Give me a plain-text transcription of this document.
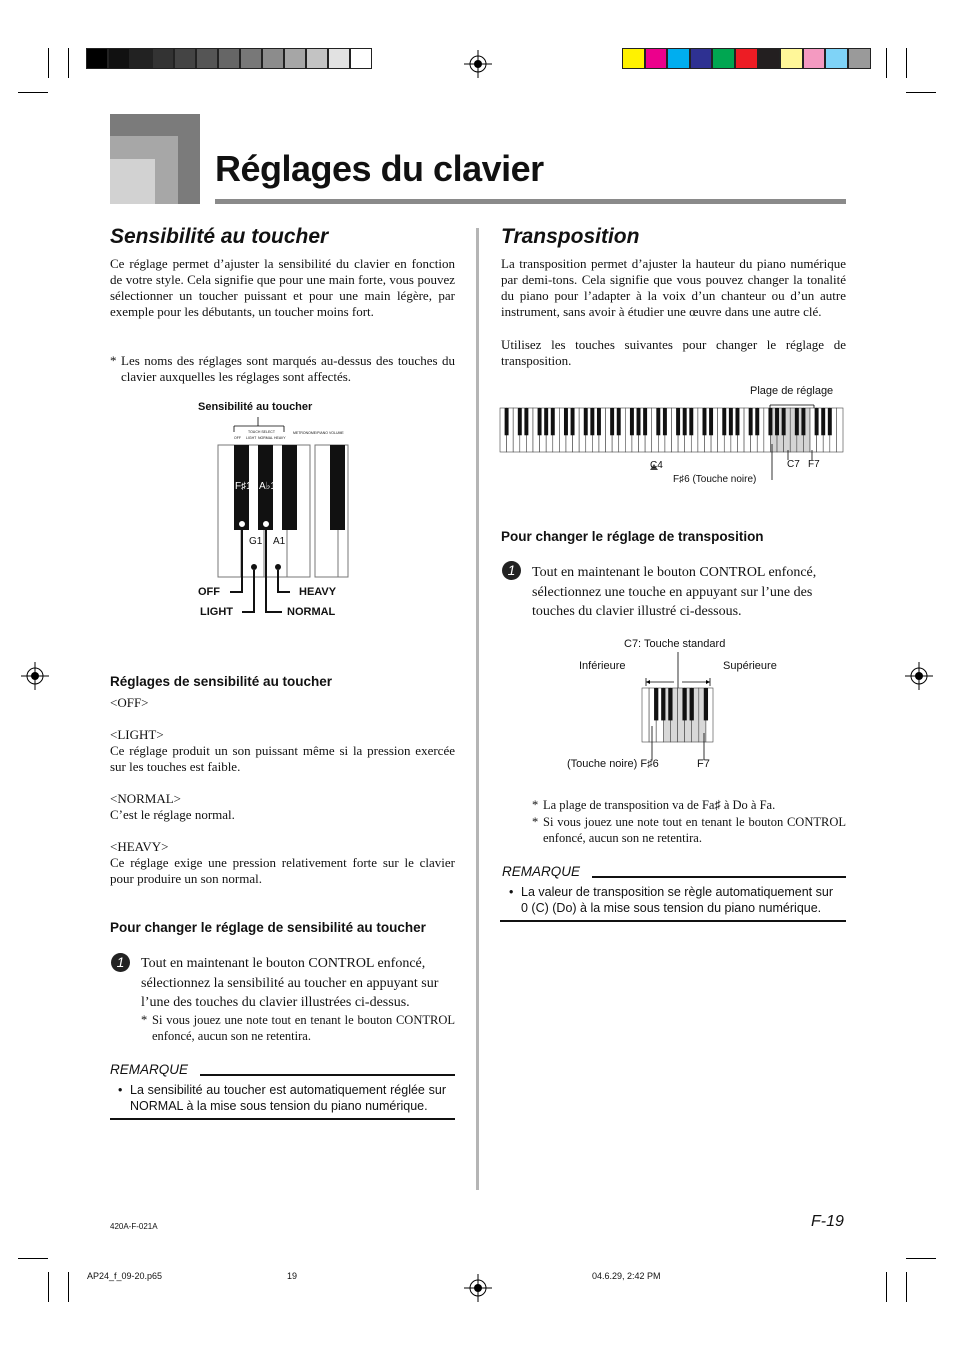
Réglages du clavier
Sensibilité au toucher
Ce réglage permet d’ajuster la sensibilité du clavier en fonction de votre style. Cela signifie que pour une main forte, vous pouvez sélectionner un toucher puissant et pour une main légère, par exemple pour les débutants, un toucher moins fort.
* Les noms des réglages sont marqués au-dessus des touches du clavier auxquelles les réglages sont affectés.
Sensibilité au toucher
TOUCH SELECT
OFF LIGHT NORMAL HEAVY
METRONOME/PIANO VOLUME
F♯1 A♭1
G1 A1
OFF	HEAVY
LIGHT	NORMAL
Réglages de sensibilité au toucher
<OFF>
<LIGHT>
Ce réglage produit un son puissant même si la pression exercée sur les touches est faible.
<NORMAL>
C’est le réglage normal.
<HEAVY>
Ce réglage exige une pression relativement forte sur le clavier pour produire un son normal.
Pour changer le réglage de sensibilité au toucher
1	Tout en maintenant le bouton CONTROL enfoncé, sélectionnez la sensibilité au toucher en appuyant sur l’une des touches du clavier illustrées ci-dessus.
* Si vous jouez une note tout en tenant le bouton CONTROL enfoncé, aucun son ne retentira.
REMARQUE
• La sensibilité au toucher est automatiquement réglée sur NORMAL à la mise sous tension du piano numérique.
Transposition
La transposition permet d’ajuster la hauteur du piano numérique par demi-tons. Cela signifie que vous pouvez changer la tonalité du piano pour l’adapter à la voix d’un chanteur ou d’un autre instrument, sans avoir à étudier une œuvre dans une autre clé.
Utilisez les touches suivantes pour changer le réglage de transposition.
Plage de réglage
C4	C7 F7
F♯6 (Touche noire)
Pour changer le réglage de transposition
1	Tout en maintenant le bouton CONTROL enfoncé, sélectionnez une touche en appuyant sur l’une des touches du clavier illustré ci-dessous.
C7: Touche standard
Inférieure	Supérieure
(Touche noire) F♯6	F7
* La plage de transposition va de Fa♯ à Do à Fa.
* Si vous jouez une note tout en tenant le bouton CONTROL enfoncé, aucun son ne retentira.
REMARQUE
• La valeur de transposition se règle automatiquement sur 0 (C) (Do) à la mise sous tension du piano numérique.
420A-F-021A	F-19
AP24_f_09-20.p65	19	04.6.29, 2:42 PM
